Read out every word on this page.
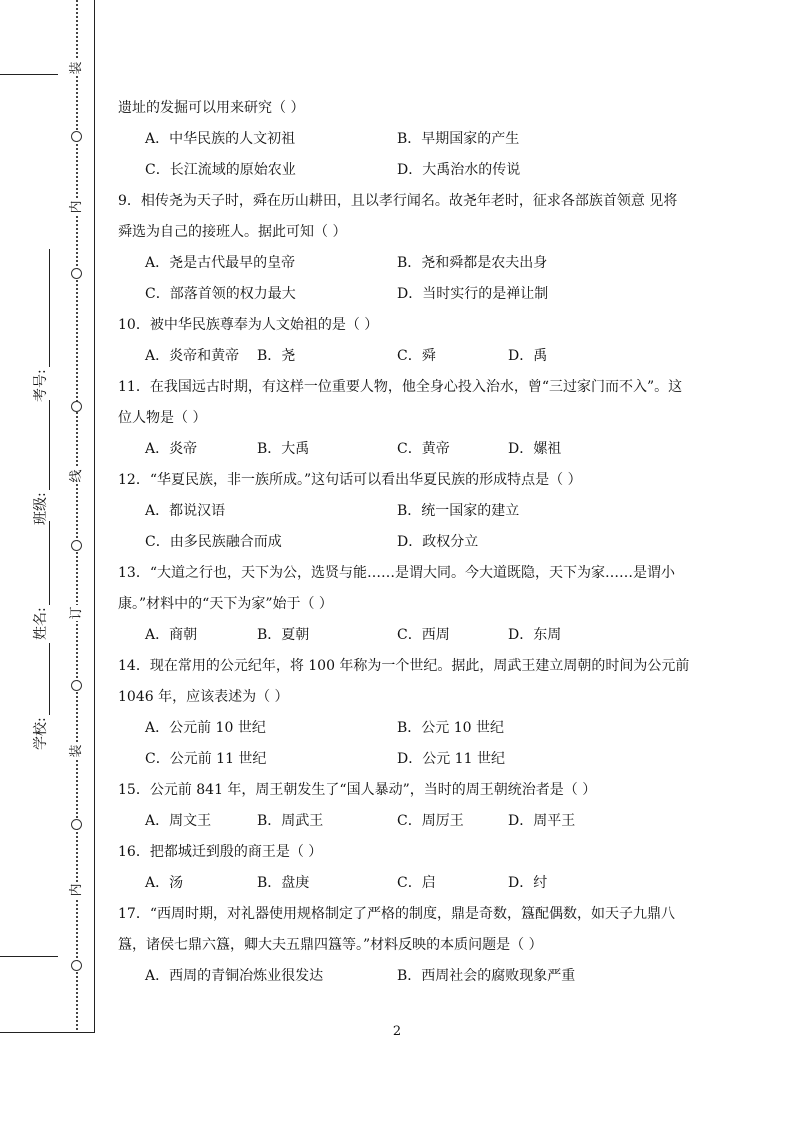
装
内
线
订
装
内
学校:
姓名:
班级:
考号:
遗址的发掘可以用来研究（ ）
A．中华民族的人文初祖	B．早期国家的产生
C．长江流域的原始农业	D．大禹治水的传说
9．相传尧为天子时，舜在历山耕田，且以孝行闻名。故尧年老时，征求各部族首领意 见将
舜选为自己的接班人。据此可知（ ）
A．尧是古代最早的皇帝	B．尧和舜都是农夫出身
C．部落首领的权力最大	D．当时实行的是禅让制
10．被中华民族尊奉为人文始祖的是（ ）
A．炎帝和黄帝 B．尧	C．舜	D．禹
11．在我国远古时期，有这样一位重要人物，他全身心投入治水，曾“三过家门而不入”。这
位人物是（ ）
A．炎帝	B．大禹	C．黄帝	D．嫘祖
12．“华夏民族，非一族所成。”这句话可以看出华夏民族的形成特点是（ ）
A．都说汉语	B．统一国家的建立
C．由多民族融合而成	D．政权分立
13．“大道之行也，天下为公，选贤与能……是谓大同。今大道既隐，天下为家……是谓小
康。”材料中的“天下为家”始于（ ）
A．商朝	B．夏朝	C．西周	D．东周
14．现在常用的公元纪年，将 100 年称为一个世纪。据此，周武王建立周朝的时间为公元前
1046 年，应该表述为（ ）
A．公元前 10 世纪	B．公元 10 世纪
C．公元前 11 世纪	D．公元 11 世纪
15．公元前 841 年，周王朝发生了“国人暴动”，当时的周王朝统治者是（ ）
A．周文王	B．周武王	C．周厉王	D．周平王
16．把都城迁到殷的商王是（ ）
A．汤	B．盘庚	C．启	D．纣
17．“西周时期，对礼器使用规格制定了严格的制度，鼎是奇数，簋配偶数，如天子九鼎八
簋，诸侯七鼎六簋，卿大夫五鼎四簋等。”材料反映的本质问题是（ ）
A．西周的青铜冶炼业很发达	B．西周社会的腐败现象严重
2
